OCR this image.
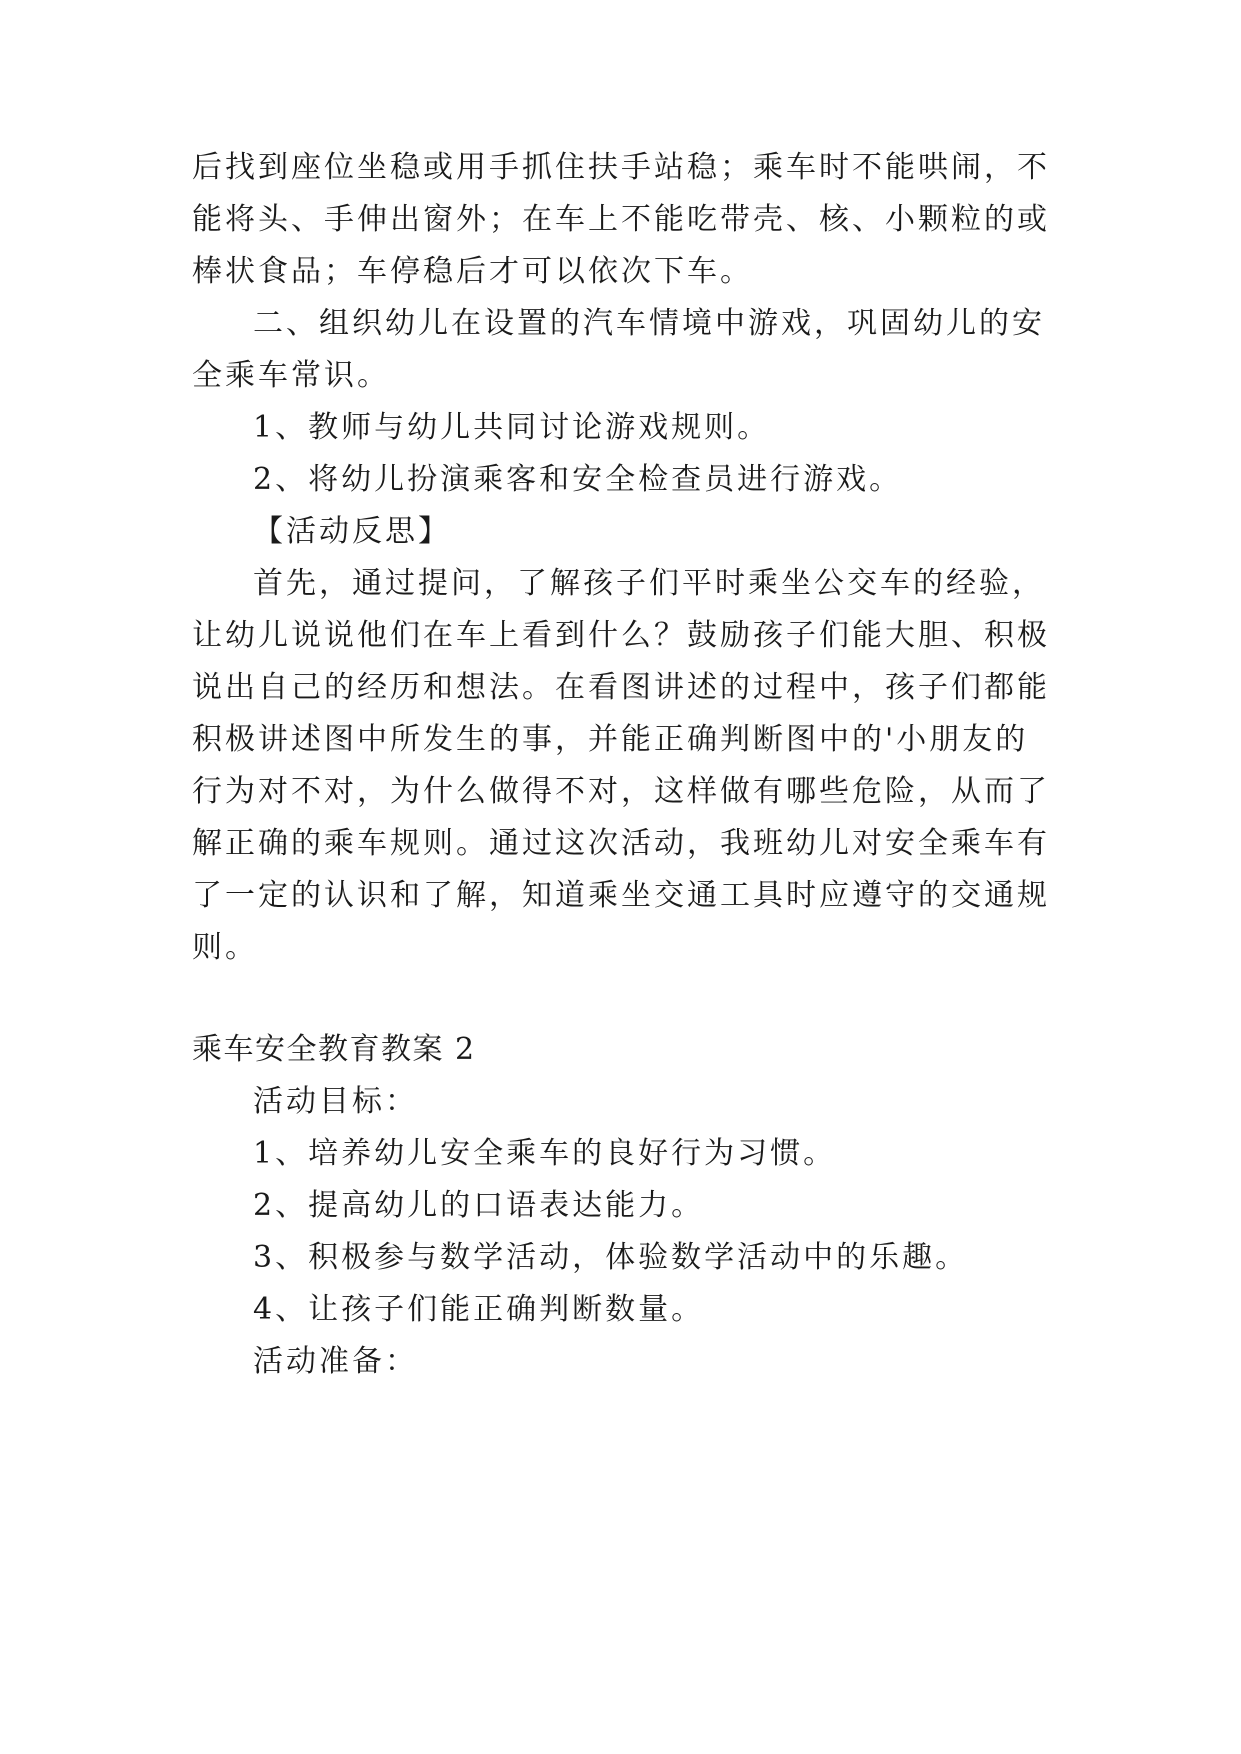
后找到座位坐稳或用手抓住扶手站稳；乘车时不能哄闹，不
能将头、手伸出窗外；在车上不能吃带壳、核、小颗粒的或
棒状食品；车停稳后才可以依次下车。
二、组织幼儿在设置的汽车情境中游戏，巩固幼儿的安
全乘车常识。
1、教师与幼儿共同讨论游戏规则。
2、将幼儿扮演乘客和安全检查员进行游戏。
【活动反思】
首先，通过提问，了解孩子们平时乘坐公交车的经验，
让幼儿说说他们在车上看到什么？鼓励孩子们能大胆、积极
说出自己的经历和想法。在看图讲述的过程中，孩子们都能
积极讲述图中所发生的事，并能正确判断图中的'小朋友的
行为对不对，为什么做得不对，这样做有哪些危险，从而了
解正确的乘车规则。通过这次活动，我班幼儿对安全乘车有
了一定的认识和了解，知道乘坐交通工具时应遵守的交通规
则。
乘车安全教育教案 2
活动目标：
1、培养幼儿安全乘车的良好行为习惯。
2、提高幼儿的口语表达能力。
3、积极参与数学活动，体验数学活动中的乐趣。
4、让孩子们能正确判断数量。
活动准备：
